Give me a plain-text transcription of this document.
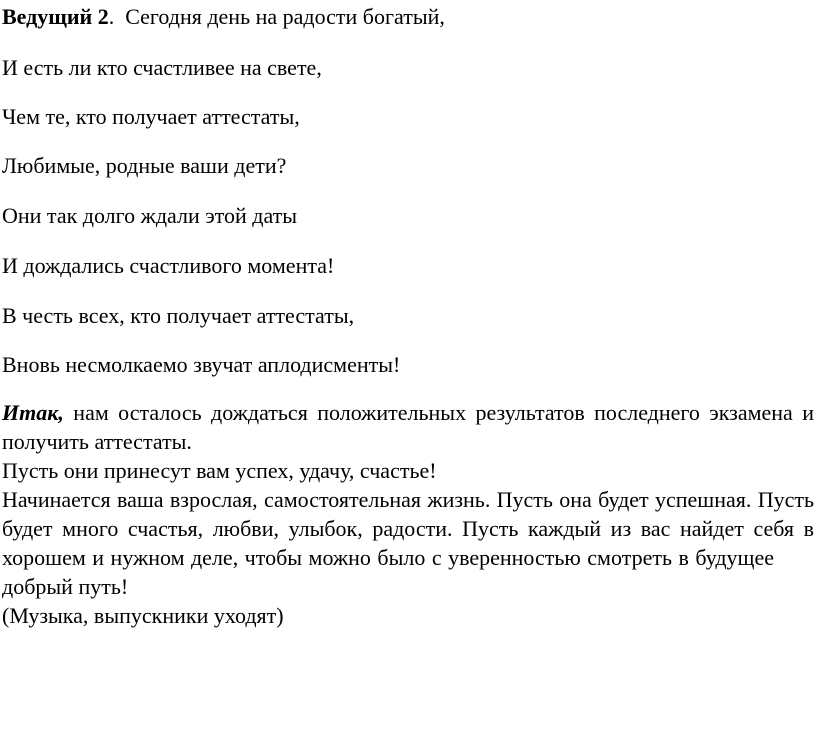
Ведущий 2. Сегодня день на радости богатый,
И есть ли кто счастливее на свете,
Чем те, кто получает аттестаты,
Любимые, родные ваши дети?
Они так долго ждали этой даты
И дождались счастливого момента!
В честь всех, кто получает аттестаты,
Вновь несмолкаемо звучат аплодисменты!

Итак, нам осталось дождаться положительных результатов последнего экзамена и получить аттестаты.

Пусть они принесут вам успех, удачу, счастье!

Начинается ваша взрослая, самостоятельная жизнь. Пусть она будет успешная. Пусть будет много счастья, любви, улыбок, радости. Пусть каждый из вас найдет себя в хорошем и нужном деле, чтобы можно было с уверенностью смотреть в будущеедобрый путь!

(Музыка, выпускники уходят)
